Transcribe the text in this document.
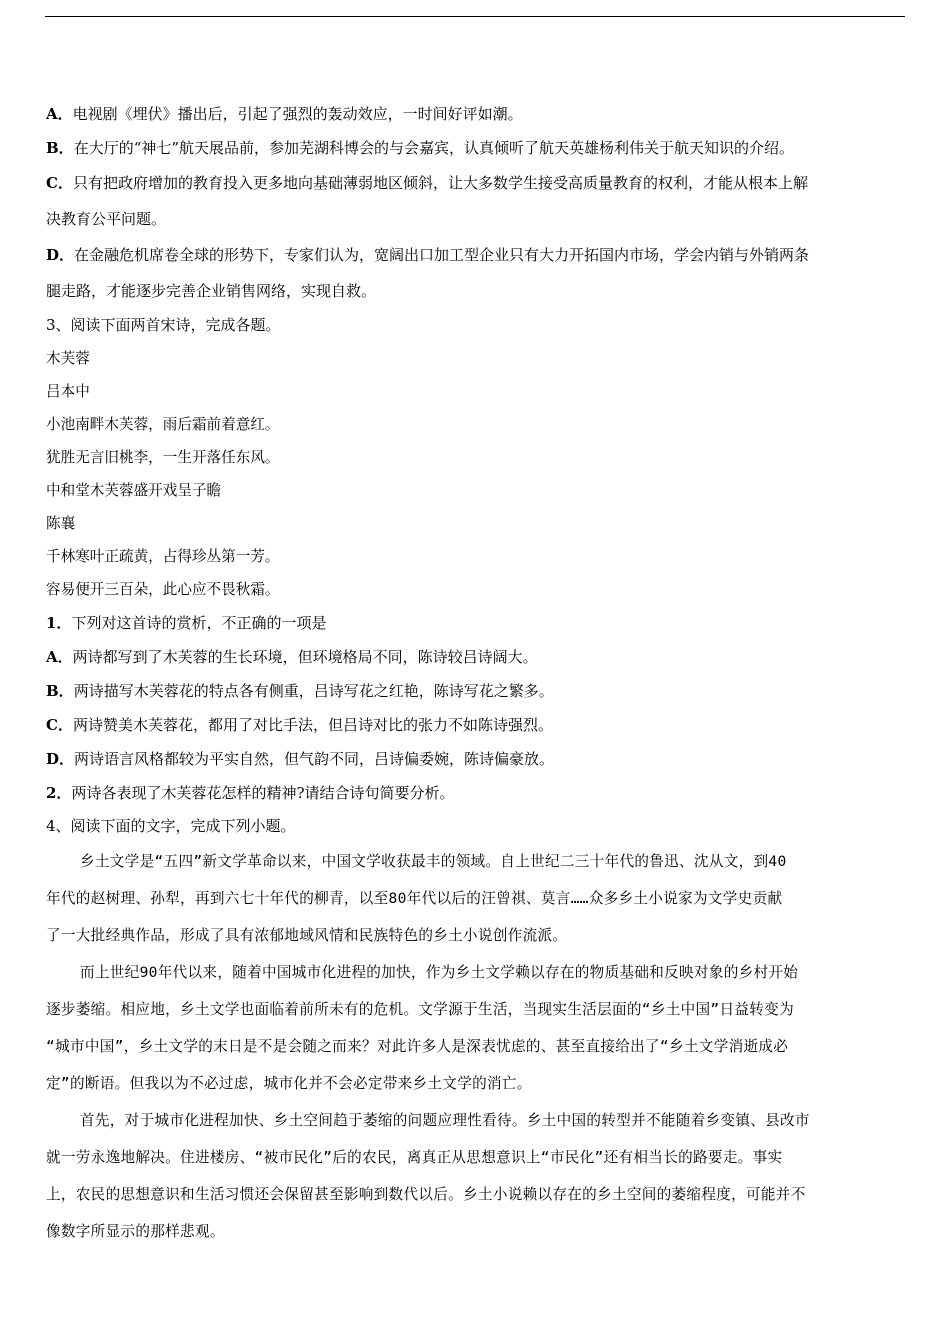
A．电视剧《埋伏》播出后，引起了强烈的轰动效应，一时间好评如潮。

B．在大厅的“神七”航天展品前，参加芜湖科博会的与会嘉宾，认真倾听了航天英雄杨利伟关于航天知识的介绍。

C．只有把政府增加的教育投入更多地向基础薄弱地区倾斜，让大多数学生接受高质量教育的权利，才能从根本上解

决教育公平问题。

D．在金融危机席卷全球的形势下，专家们认为，宽阔出口加工型企业只有大力开拓国内市场，学会内销与外销两条

腿走路，才能逐步完善企业销售网络，实现自救。

3、阅读下面两首宋诗，完成各题。

木芙蓉

吕本中

小池南畔木芙蓉，雨后霜前着意红。

犹胜无言旧桃李，一生开落任东风。

中和堂木芙蓉盛开戏呈子瞻

陈襄

千林寒叶正疏黄，占得珍丛第一芳。

容易便开三百朵，此心应不畏秋霜。

1．下列对这首诗的赏析，不正确的一项是

A．两诗都写到了木芙蓉的生长环境，但环境格局不同，陈诗较吕诗阔大。

B．两诗描写木芙蓉花的特点各有侧重，吕诗写花之红艳，陈诗写花之繁多。

C．两诗赞美木芙蓉花，都用了对比手法，但吕诗对比的张力不如陈诗强烈。

D．两诗语言风格都较为平实自然，但气韵不同，吕诗偏委婉，陈诗偏豪放。

2．两诗各表现了木芙蓉花怎样的精神?请结合诗句简要分析。

4、阅读下面的文字，完成下列小题。

乡土文学是“五四”新文学革命以来，中国文学收获最丰的领域。自上世纪二三十年代的鲁迅、沈从文，到40

年代的赵树理、孙犁，再到六七十年代的柳青，以至80年代以后的汪曾祺、莫言……众多乡土小说家为文学史贡献

了一大批经典作品，形成了具有浓郁地域风情和民族特色的乡土小说创作流派。

而上世纪90年代以来，随着中国城市化进程的加快，作为乡土文学赖以存在的物质基础和反映对象的乡村开始

逐步萎缩。相应地，乡土文学也面临着前所未有的危机。文学源于生活，当现实生活层面的“乡土中国”日益转变为

“城市中国”，乡土文学的末日是不是会随之而来？对此许多人是深表忧虑的、甚至直接给出了“乡土文学消逝成必

定”的断语。但我以为不必过虑，城市化并不会必定带来乡土文学的消亡。

首先，对于城市化进程加快、乡土空间趋于萎缩的问题应理性看待。乡土中国的转型并不能随着乡变镇、县改市

就一劳永逸地解决。住进楼房、“被市民化”后的农民，离真正从思想意识上“市民化”还有相当长的路要走。事实

上，农民的思想意识和生活习惯还会保留甚至影响到数代以后。乡土小说赖以存在的乡土空间的萎缩程度，可能并不

像数字所显示的那样悲观。
